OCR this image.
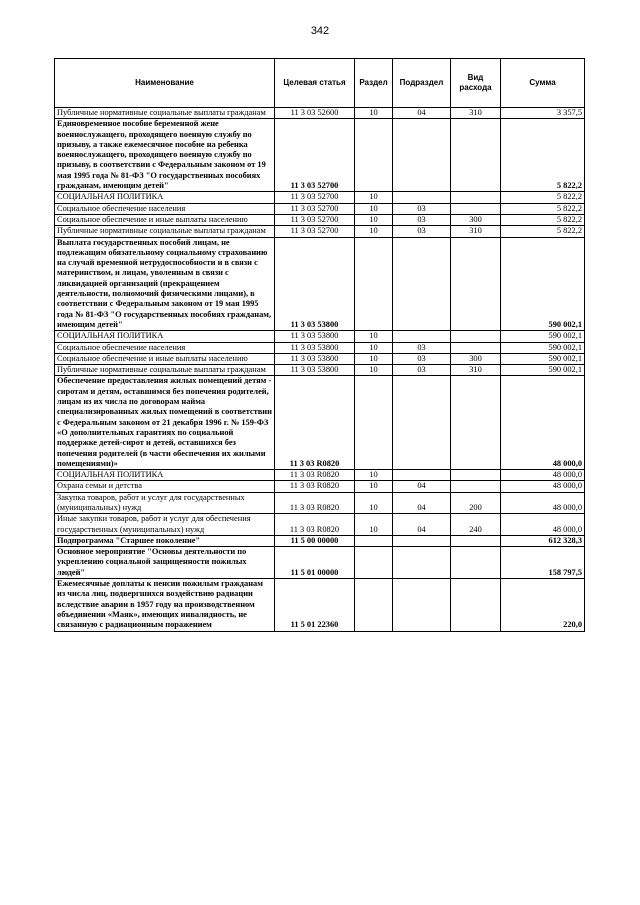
342
Наименование	Целевая статья	Раздел	Подраздел	Вид расхода	Сумма
Публичные нормативные социальные выплаты гражданам	11 3 03 52600	10	04	310	3 357,5
Единовременное пособие беременной жене военнослужащего, проходящего военную службу по призыву, а также ежемесячное пособие на ребенка военнослужащего, проходящего военную службу по призыву, в соответствии с Федеральным законом от 19 мая 1995 года № 81-ФЗ "О государственных пособиях гражданам, имеющим детей"	11 3 03 52700				5 822,2
СОЦИАЛЬНАЯ ПОЛИТИКА	11 3 03 52700	10			5 822,2
Социальное обеспечение населения	11 3 03 52700	10	03		5 822,2
Социальное обеспечение и иные выплаты населению	11 3 03 52700	10	03	300	5 822,2
Публичные нормативные социальные выплаты гражданам	11 3 03 52700	10	03	310	5 822,2
Выплата государственных пособий лицам, не подлежащим обязательному социальному страхованию на случай временной нетрудоспособности и в связи с материнством, и лицам, уволенным в связи с ликвидацией организаций (прекращением деятельности, полномочий физическими лицами), в соответствии с Федеральным законом от 19 мая 1995 года № 81-ФЗ "О государственных пособиях гражданам, имеющим детей"	11 3 03 53800				590 002,1
СОЦИАЛЬНАЯ ПОЛИТИКА	11 3 03 53800	10			590 002,1
Социальное обеспечение населения	11 3 03 53800	10	03		590 002,1
Социальное обеспечение и иные выплаты населению	11 3 03 53800	10	03	300	590 002,1
Публичные нормативные социальные выплаты гражданам	11 3 03 53800	10	03	310	590 002,1
Обеспечение предоставления жилых помещений детям - сиротам и детям, оставшимся без попечения родителей, лицам из их числа по договорам найма специализированных жилых помещений в соответствии с Федеральным законом от 21 декабря 1996 г. № 159-ФЗ «О дополнительных гарантиях по социальной поддержке детей-сирот и детей, оставшихся без попечения родителей (в части обеспечения их жилыми помещениями)»	11 3 03 R0820				48 000,0
СОЦИАЛЬНАЯ ПОЛИТИКА	11 3 03 R0820	10			48 000,0
Охрана семьи и детства	11 3 03 R0820	10	04		48 000,0
Закупка товаров, работ и услуг для государственных (муниципальных) нужд	11 3 03 R0820	10	04	200	48 000,0
Иные закупки товаров, работ и услуг для обеспечения государственных (муниципальных) нужд	11 3 03 R0820	10	04	240	48 000,0
Подпрограмма "Старшее поколение"	11 5 00 00000				612 328,3
Основное мероприятие "Основы деятельности по укреплению социальной защищенности пожилых людей"	11 5 01 00000				158 797,5
Ежемесячные доплаты к пенсии пожилым гражданам из числа лиц, подвергшихся воздействию радиации вследствие аварии в 1957 году на производственном объединении «Маяк», имеющих инвалидность, не связанную с радиационным поражением	11 5 01 22360				220,0
